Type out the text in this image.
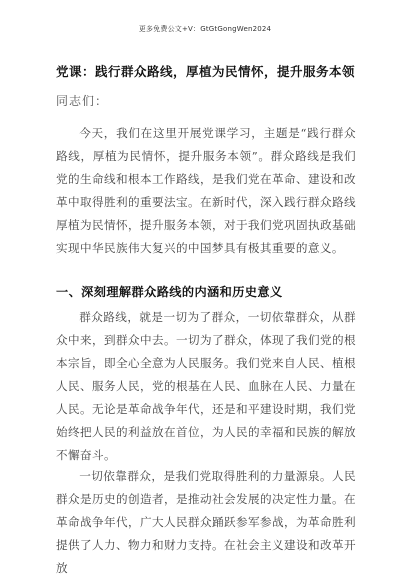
更多免费公文+V：GtGtGongWen2024
党课：践行群众路线，厚植为民情怀，提升服务本领
同志们：

今天，我们在这里开展党课学习，主题是“践行群众路线，厚植为民情怀，提升服务本领”。群众路线是我们党的生命线和根本工作路线，是我们党在革命、建设和改革中取得胜利的重要法宝。在新时代，深入践行群众路线厚植为民情怀，提升服务本领，对于我们党巩固执政基础实现中华民族伟大复兴的中国梦具有极其重要的意义。

一、深刻理解群众路线的内涵和历史意义

群众路线，就是一切为了群众，一切依靠群众，从群众中来，到群众中去。一切为了群众，体现了我们党的根本宗旨，即全心全意为人民服务。我们党来自人民、植根人民、服务人民，党的根基在人民、血脉在人民、力量在人民。无论是革命战争年代，还是和平建设时期，我们党始终把人民的利益放在首位，为人民的幸福和民族的解放不懈奋斗。

一切依靠群众，是我们党取得胜利的力量源泉。人民群众是历史的创造者，是推动社会发展的决定性力量。在革命战争年代，广大人民群众踊跃参军参战，为革命胜利提供了人力、物力和财力支持。在社会主义建设和改革开放
